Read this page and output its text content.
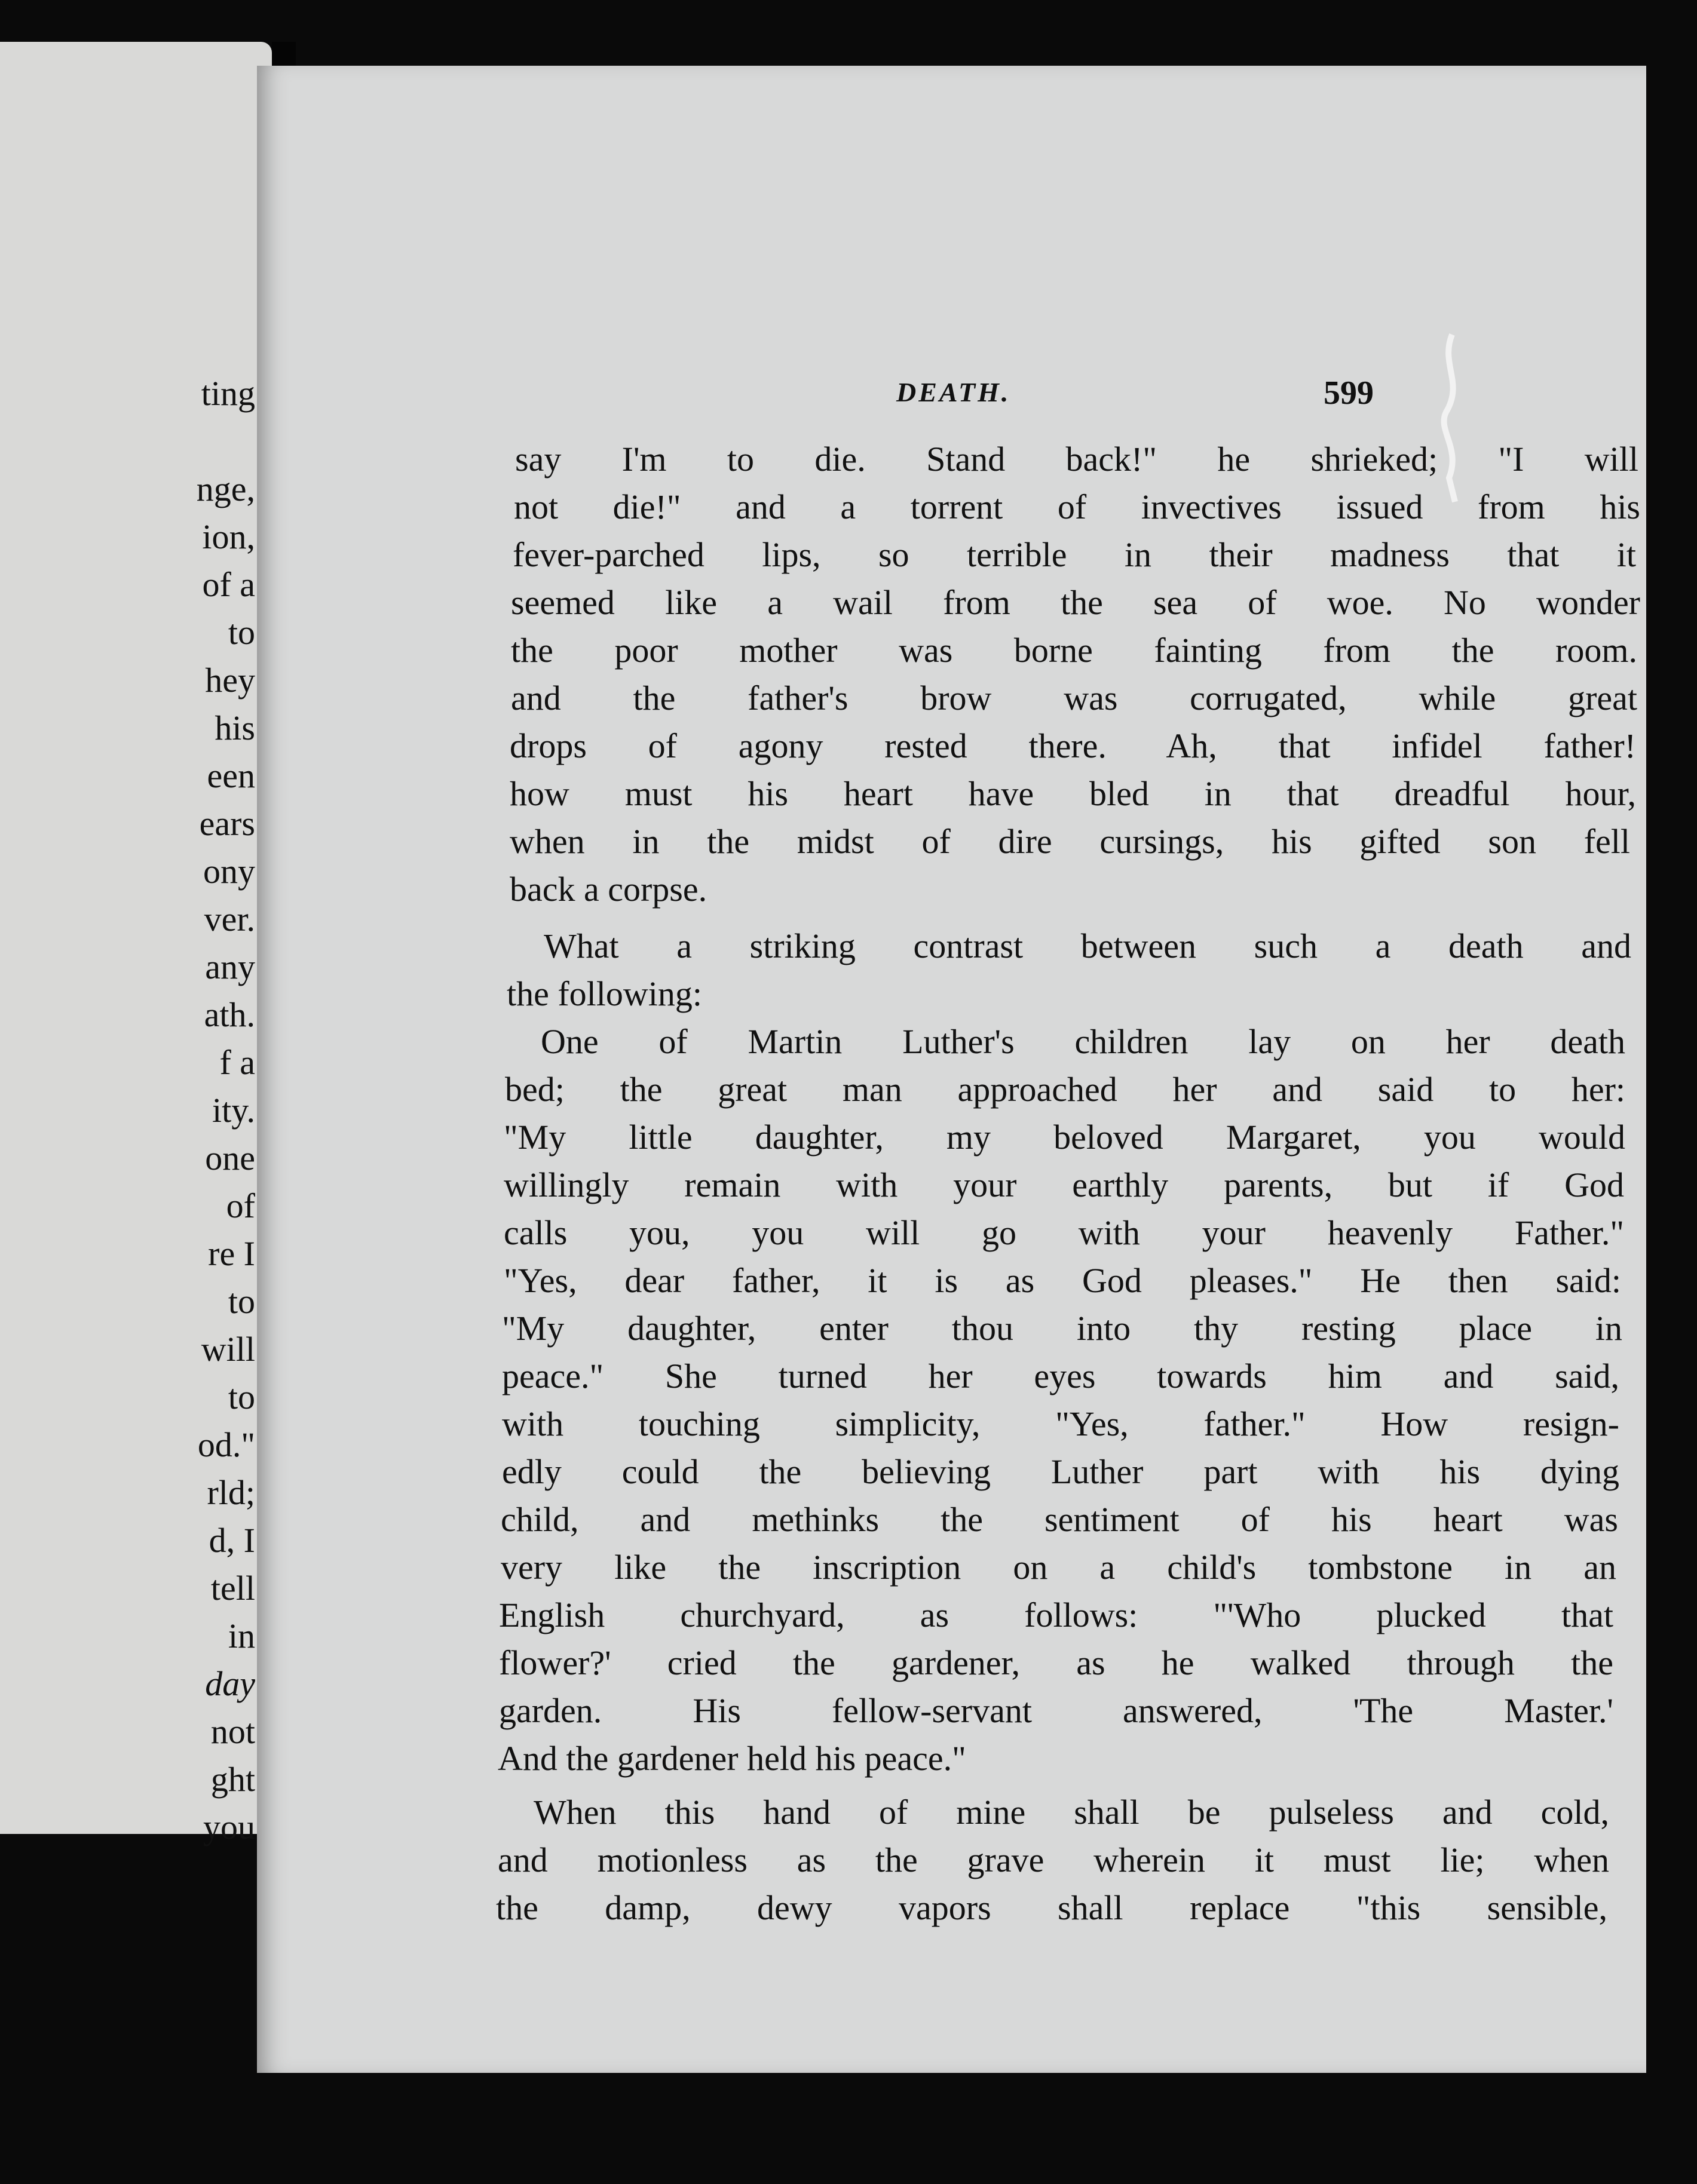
ting
nge,
ion,
of a
to
hey
his
een
ears
ony
ver.
any
ath.
f a
ity.
one
of
re I
to
will
to
od."
rld;
d, I
tell
in
day
not
ght
you
DEATH.	599
say I'm to die. Stand back!" he shrieked; "I will
not die!" and a torrent of invectives issued from his
fever-parched lips, so terrible in their madness that it
seemed like a wail from the sea of woe. No wonder
the poor mother was borne fainting from the room.
and the father's brow was corrugated, while great
drops of agony rested there. Ah, that infidel father!
how must his heart have bled in that dreadful hour,
when in the midst of dire cursings, his gifted son fell
back a corpse.
What a striking contrast between such a death and
the following:
One of Martin Luther's children lay on her death
bed; the great man approached her and said to her:
"My little daughter, my beloved Margaret, you would
willingly remain with your earthly parents, but if God
calls you, you will go with your heavenly Father."
"Yes, dear father, it is as God pleases." He then said:
"My daughter, enter thou into thy resting place in
peace." She turned her eyes towards him and said,
with touching simplicity, "Yes, father." How resign-
edly could the believing Luther part with his dying
child, and methinks the sentiment of his heart was
very like the inscription on a child's tombstone in an
English churchyard, as follows: "'Who plucked that
flower?' cried the gardener, as he walked through the
garden. His fellow-servant answered, 'The Master.'
And the gardener held his peace."
When this hand of mine shall be pulseless and cold,
and motionless as the grave wherein it must lie; when
the damp, dewy vapors shall replace "this sensible,
